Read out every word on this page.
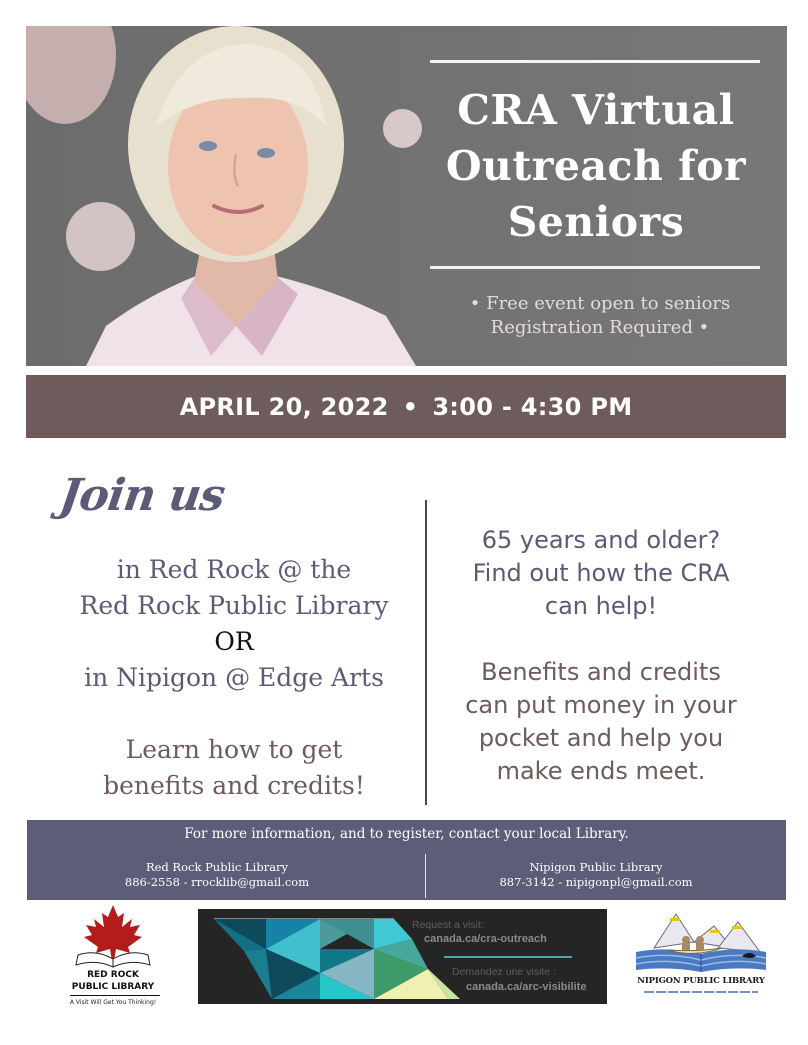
CRA Virtual
Outreach for
Seniors
• Free event open to seniors
Registration Required •
APRIL 20, 2022 • 3:00 - 4:30 PM
Join us
in Red Rock @ the
Red Rock Public Library
OR
in Nipigon @ Edge Arts
Learn how to get
benefits and credits!
65 years and older?
Find out how the CRA
can help!
Benefits and credits
can put money in your
pocket and help you
make ends meet.
For more information, and to register, contact your local Library.
Red Rock Public Library
886-2558 - rrocklib@gmail.com
Nipigon Public Library
887-3142 - nipigonpl@gmail.com
RED ROCK
PUBLIC LIBRARY
A Visit Will Get You Thinking!
Request a visit:
canada.ca/cra-outreach
Demandez une visite :
canada.ca/arc-visibilite	NIPIGON PUBLIC LIBRARY
